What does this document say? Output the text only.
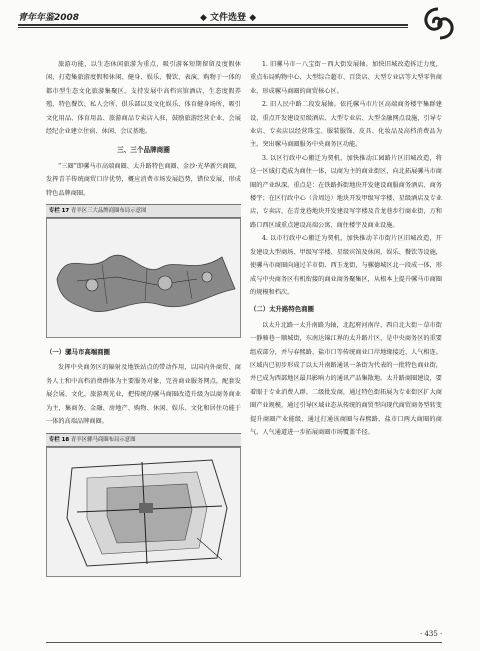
青年年鉴2008	◆ 文件选登 ◆

旅游功能，以生态休闲旅游为重点，吸引游客短期留留及度假休闲，打造集旅游度假和休闲、健身、娱乐、餐饮、表演、购物于一体的都市型生态文化旅游集聚区。支持发展中高档宾馆酒店、生态度假养殖、特色餐饮、私人会所、俱乐部以及文化娱乐、体育健身场所，吸引文化用品、体育用品、旅游商品专卖店入驻，鼓励旅游经营企业、会展经纪企业建立住宿、休闲、会议基地。

三、三个品牌商圈

“三圈”即骡马市高端商圈、太升路特色商圈、金沙·光华新兴商圈，发挥青羊传统商贸口岸优势，概应消费市场发展趋势，错位发展，形成特色品牌商圈。

专栏 17 青羊区三大品牌商圈布局示意图
（一）骡马市高端商圈

发挥中央商务区的辐射及地铁站点的带动作用，以国内外商贸、商务人士和中高档消费群体为主要服务对象，完善商业服务网点，配套发展会展、文化、旅游观光业，把传统的骡马商圈改造升级为以商务商业为主，集商务、金融、房地产、购物、休闲、娱乐、文化和居住功能于一体的高端品牌商圈。

专栏 18 青羊区骡马商圈布局示意图

1. 旧骡马市－八宝街－西大街发展轴。加快旧城改造拆迁力度，重点布局购物中心、大型综合超市、百货店、大型专业店等大型零售商业，形成骡马商圈的商贸核心区。

2. 旧人民中路二段发展轴。依托骡马市片区高端商务楼宇集群建设，重点开发建设星级酒店、大型专业店、大型金融网点设施，引导专业店、专卖店以经营珠宝、服装服饰、皮具、化妆品及高档消费品为主，突出骡马商圈服务中央商务区功能。

3. 以区行政中心搬迁为契机，加快推动江园路片区旧城改造，将这一区域打造成为商住一体，以商为主的商业街区，向北拓展骡马市商圈的产业纵深。重点是：在铁路拆街地块开发建设商服商务酒店、商务楼宇；在区行政中心（含周边）地块开发甲级写字楼、星级酒店及专业店、专卖店，在青龙巷地块开发建设写字楼及青龙巷步行商业街，万和路口西区域重点建设高端公寓、商住楼宇及商业设施。

4. 以市行政中心搬迁为契机，加快推动羊市街片区旧城改造，开发建设大型商场、甲级写字楼、星级宾馆及休闲、娱乐、餐饮等设施，使骡马市商圈向通过羊市街、西玉龙街，与骡德城区北一段成一体，形成与中央商务区有机衔接的商业商务聚集区，从根本上提升骡马市商圈的规模和档次。

（二）太升路特色商圈

以太升北路一太升南路为轴，北起府河南岸、西自北大街－草市街一静骑巷－顺城街，东南达锦江界的太升路片区，是中央商务区的重要组成部分，并与春熙路、盐市口等传统商业口岸地缘接近、人气相连。区域内已初步形成了以太升南路通讯一条街为代表的一批特色商业街，并已成为西部地区最具影响力的通讯产品集散地。太升路商圈建设，要着眼于专业消费人群、二级批发商，通过特色街拓展为专业街区扩大商圈产业规模，通过引导区域业态从传统的商贸型向现代商贸商务型转变提升商圈产业能级，通过打通该商圈与春熙路、盐市口两大商圈的商气、人气通道进一步拓展商圈市场覆盖半径。

· 435 ·
